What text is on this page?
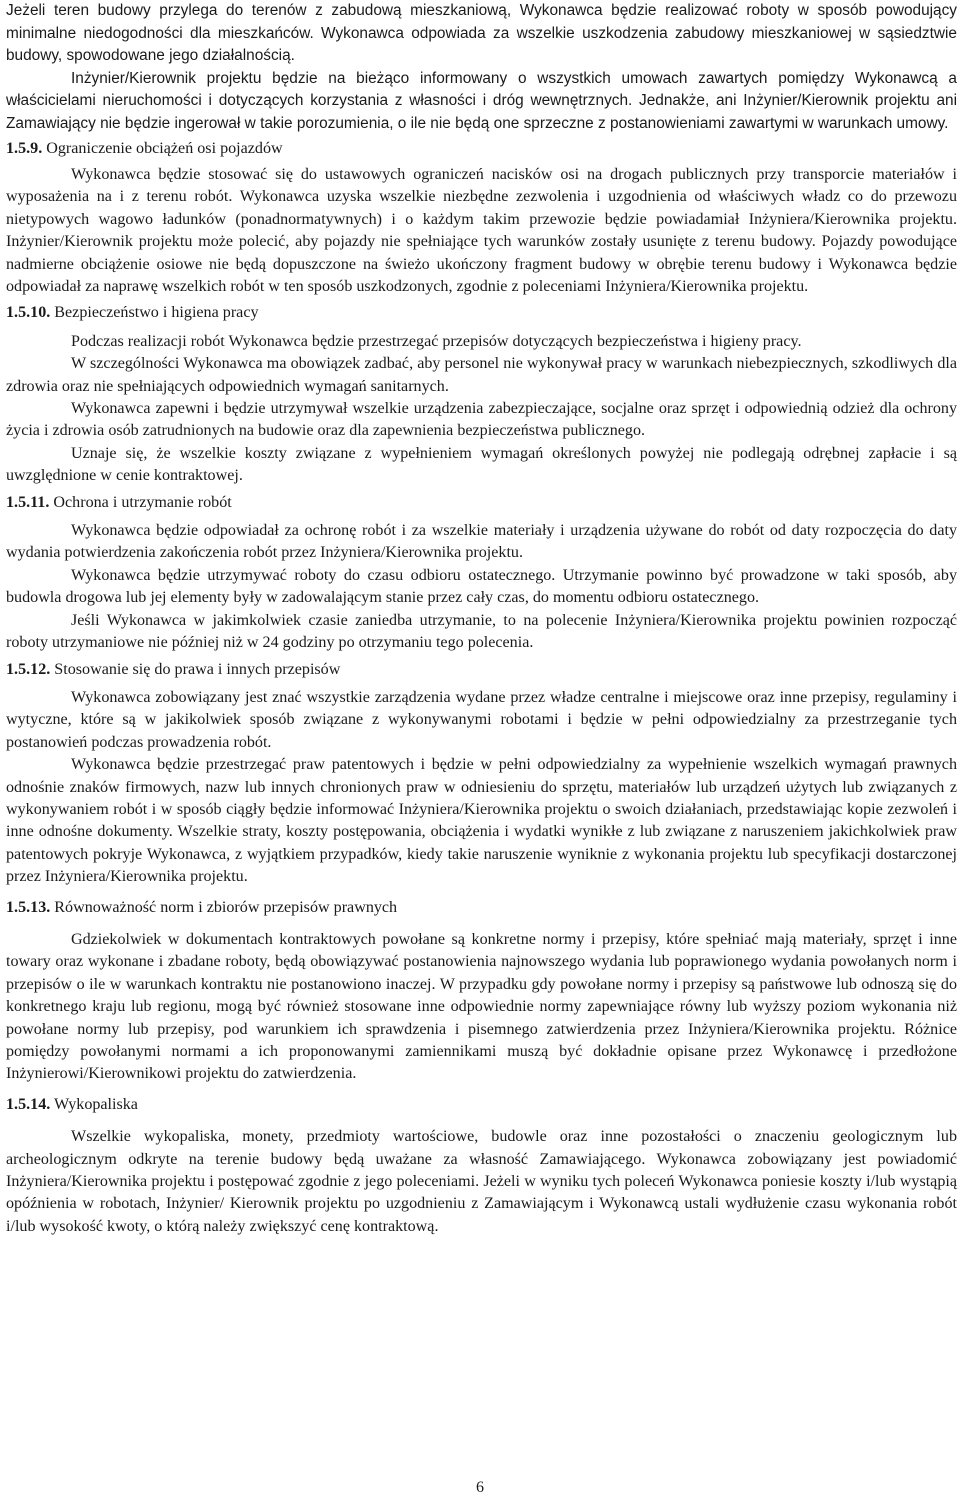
Jeżeli teren budowy przylega do terenów z zabudową mieszkaniową, Wykonawca będzie realizować roboty w sposób powodujący minimalne niedogodności dla mieszkańców. Wykonawca odpowiada za wszelkie uszkodzenia zabudowy mieszkaniowej w sąsiedztwie budowy, spowodowane jego działalnością.

Inżynier/Kierownik projektu będzie na bieżąco informowany o wszystkich umowach zawartych pomiędzy Wykonawcą a właścicielami nieruchomości i dotyczących korzystania z własności i dróg wewnętrznych. Jednakże, ani Inżynier/Kierownik projektu ani Zamawiający nie będzie ingerował w takie porozumienia, o ile nie będą one sprzeczne z postanowieniami zawartymi w warunkach umowy.

1.5.9. Ograniczenie obciążeń osi pojazdów

Wykonawca będzie stosować się do ustawowych ograniczeń nacisków osi na drogach publicznych przy transporcie materiałów i wyposażenia na i z terenu robót. Wykonawca uzyska wszelkie niezbędne zezwolenia i uzgodnienia od właściwych władz co do przewozu nietypowych wagowo ładunków (ponadnormatywnych) i o każdym takim przewozie będzie powiadamiał Inżyniera/Kierownika projektu. Inżynier/Kierownik projektu może polecić, aby pojazdy nie spełniające tych warunków zostały usunięte z terenu budowy. Pojazdy powodujące nadmierne obciążenie osiowe nie będą dopuszczone na świeżo ukończony fragment budowy w obrębie terenu budowy i Wykonawca będzie odpowiadał za naprawę wszelkich robót w ten sposób uszkodzonych, zgodnie z poleceniami Inżyniera/Kierownika projektu.

1.5.10. Bezpieczeństwo i higiena pracy

Podczas realizacji robót Wykonawca będzie przestrzegać przepisów dotyczących bezpieczeństwa i higieny pracy.

W szczególności Wykonawca ma obowiązek zadbać, aby personel nie wykonywał pracy w warunkach niebezpiecznych, szkodliwych dla zdrowia oraz nie spełniających odpowiednich wymagań sanitarnych.

Wykonawca zapewni i będzie utrzymywał wszelkie urządzenia zabezpieczające, socjalne oraz sprzęt i odpowiednią odzież dla ochrony życia i zdrowia osób zatrudnionych na budowie oraz dla zapewnienia bezpieczeństwa publicznego.

Uznaje się, że wszelkie koszty związane z wypełnieniem wymagań określonych powyżej nie podlegają odrębnej zapłacie i są uwzględnione w cenie kontraktowej.

1.5.11. Ochrona i utrzymanie robót

Wykonawca będzie odpowiadał za ochronę robót i za wszelkie materiały i urządzenia używane do robót od daty rozpoczęcia do daty wydania potwierdzenia zakończenia robót przez Inżyniera/Kierownika projektu.

Wykonawca będzie utrzymywać roboty do czasu odbioru ostatecznego. Utrzymanie powinno być prowadzone w taki sposób, aby budowla drogowa lub jej elementy były w zadowalającym stanie przez cały czas, do momentu odbioru ostatecznego.

Jeśli Wykonawca w jakimkolwiek czasie zaniedba utrzymanie, to na polecenie Inżyniera/Kierownika projektu powinien rozpocząć roboty utrzymaniowe nie później niż w 24 godziny po otrzymaniu tego polecenia.

1.5.12. Stosowanie się do prawa i innych przepisów

Wykonawca zobowiązany jest znać wszystkie zarządzenia wydane przez władze centralne i miejscowe oraz inne przepisy, regulaminy i wytyczne, które są w jakikolwiek sposób związane z wykonywanymi robotami i będzie w pełni odpowiedzialny za przestrzeganie tych postanowień podczas prowadzenia robót.

Wykonawca będzie przestrzegać praw patentowych i będzie w pełni odpowiedzialny za wypełnienie wszelkich wymagań prawnych odnośnie znaków firmowych, nazw lub innych chronionych praw w odniesieniu do sprzętu, materiałów lub urządzeń użytych lub związanych z wykonywaniem robót i w sposób ciągły będzie informować Inżyniera/Kierownika projektu o swoich działaniach, przedstawiając kopie zezwoleń i inne odnośne dokumenty. Wszelkie straty, koszty postępowania, obciążenia i wydatki wynikłe z lub związane z naruszeniem jakichkolwiek praw patentowych pokryje Wykonawca, z wyjątkiem przypadków, kiedy takie naruszenie wyniknie z wykonania projektu lub specyfikacji dostarczonej przez Inżyniera/Kierownika projektu.

1.5.13. Równoważność norm i zbiorów przepisów prawnych

Gdziekolwiek w dokumentach kontraktowych powołane są konkretne normy i przepisy, które spełniać mają materiały, sprzęt i inne towary oraz wykonane i zbadane roboty, będą obowiązywać postanowienia najnowszego wydania lub poprawionego wydania powołanych norm i przepisów o ile w warunkach kontraktu nie postanowiono inaczej. W przypadku gdy powołane normy i przepisy są państwowe lub odnoszą się do konkretnego kraju lub regionu, mogą być również stosowane inne odpowiednie normy zapewniające równy lub wyższy poziom wykonania niż powołane normy lub przepisy, pod warunkiem ich sprawdzenia i pisemnego zatwierdzenia przez Inżyniera/Kierownika projektu. Różnice pomiędzy powołanymi normami a ich proponowanymi zamiennikami muszą być dokładnie opisane przez Wykonawcę i przedłożone Inżynierowi/Kierownikowi projektu do zatwierdzenia.

1.5.14. Wykopaliska

Wszelkie wykopaliska, monety, przedmioty wartościowe, budowle oraz inne pozostałości o znaczeniu geologicznym lub archeologicznym odkryte na terenie budowy będą uważane za własność Zamawiającego. Wykonawca zobowiązany jest powiadomić Inżyniera/Kierownika projektu i postępować zgodnie z jego poleceniami. Jeżeli w wyniku tych poleceń Wykonawca poniesie koszty i/lub wystąpią opóźnienia w robotach, Inżynier/ Kierownik projektu po uzgodnieniu z Zamawiającym i Wykonawcą ustali wydłużenie czasu wykonania robót i/lub wysokość kwoty, o którą należy zwiększyć cenę kontraktową.

6
